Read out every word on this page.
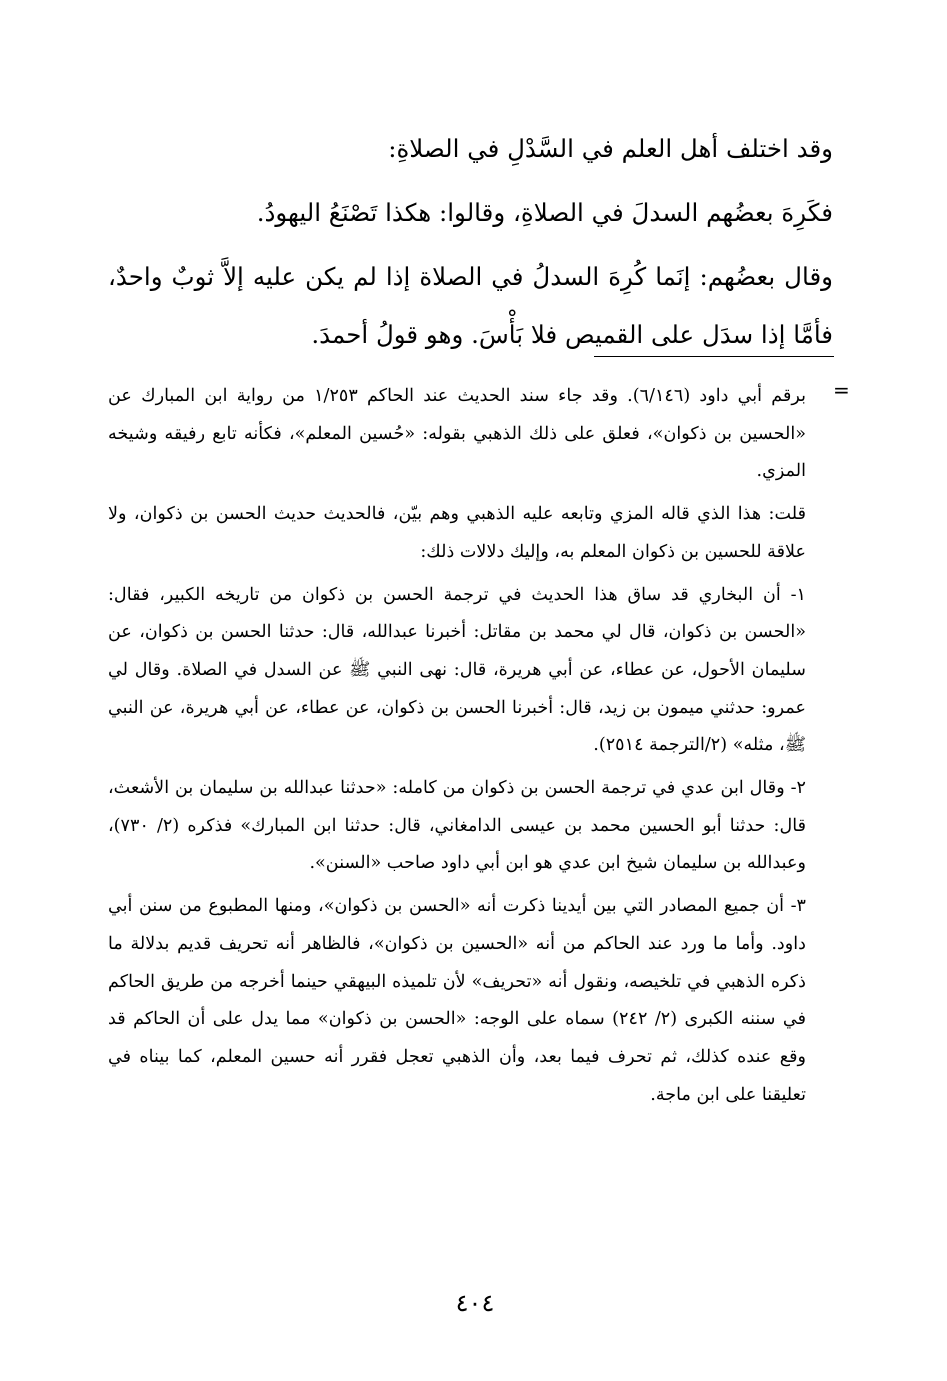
وقد اختلف أهل العلم في السَّدْلِ في الصلاةِ:

فكَرِهَ بعضُهم السدلَ في الصلاةِ، وقالوا: هكذا تَصْنَعُ اليهودُ.

وقال بعضُهم: إنَما كُرِهَ السدلُ في الصلاة إذا لم يكن عليه إلاَّ ثوبٌ واحدٌ، فأمَّا إذا سدَل على القميص فلا بَأْسَ. وهو قولُ أحمدَ.

=

برقم أبي داود (٦/١٤٦). وقد جاء سند الحديث عند الحاكم ١/٢٥٣ من رواية ابن المبارك عن «الحسين بن ذكوان»، فعلق على ذلك الذهبي بقوله: «حُسين المعلم»، فكأنه تابع رفيقه وشيخه المزي.

قلت: هذا الذي قاله المزي وتابعه عليه الذهبي وهم بيّن، فالحديث حديث الحسن بن ذكوان، ولا علاقة للحسين بن ذكوان المعلم به، وإليك دلالات ذلك:

١- أن البخاري قد ساق هذا الحديث في ترجمة الحسن بن ذكوان من تاريخه الكبير، فقال: «الحسن بن ذكوان، قال لي محمد بن مقاتل: أخبرنا عبدالله، قال: حدثنا الحسن بن ذكوان، عن سليمان الأحول، عن عطاء، عن أبي هريرة، قال: نهى النبي ﷺ عن السدل في الصلاة. وقال لي عمرو: حدثني ميمون بن زيد، قال: أخبرنا الحسن بن ذكوان، عن عطاء، عن أبي هريرة، عن النبي ﷺ، مثله» (٢/الترجمة ٢٥١٤).

٢- وقال ابن عدي في ترجمة الحسن بن ذكوان من كامله: «حدثنا عبدالله بن سليمان بن الأشعث، قال: حدثنا أبو الحسين محمد بن عيسى الدامغاني، قال: حدثنا ابن المبارك» فذكره (٢/ ٧٣٠)، وعبدالله بن سليمان شيخ ابن عدي هو ابن أبي داود صاحب «السنن».

٣- أن جميع المصادر التي بين أيدينا ذكرت أنه «الحسن بن ذكوان»، ومنها المطبوع من سنن أبي داود. وأما ما ورد عند الحاكم من أنه «الحسين بن ذكوان»، فالظاهر أنه تحريف قديم بدلالة ما ذكره الذهبي في تلخيصه، ونقول أنه «تحريف» لأن تلميذه البيهقي حينما أخرجه من طريق الحاكم في سننه الكبرى (٢/ ٢٤٢) سماه على الوجه: «الحسن بن ذكوان» مما يدل على أن الحاكم قد وقع عنده كذلك، ثم تحرف فيما بعد، وأن الذهبي تعجل فقرر أنه حسين المعلم، كما بيناه في تعليقنا على ابن ماجة.

٤٠٤
